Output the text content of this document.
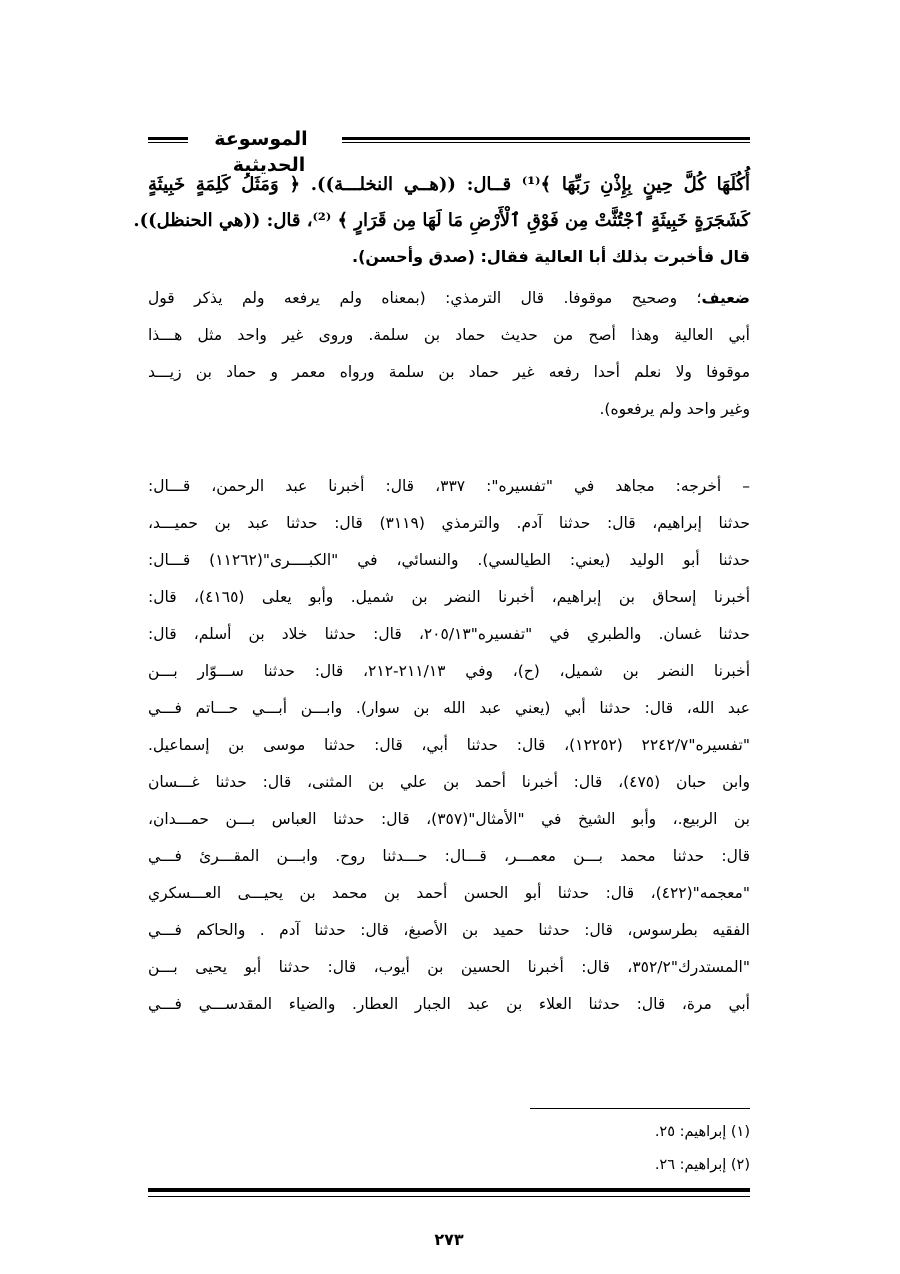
الموسوعة الحديثية
أُكُلَهَا كُلَّ حِينٍ بِإِذْنِ رَبِّهَا ﴾⁽¹⁾ قــال: ((هــي النخلـــة)). ﴿ وَمَثَلُ كَلِمَةٍ خَبِيثَةٍ
كَشَجَرَةٍ خَبِيثَةٍ ٱجْتُثَّتْ مِن فَوْقِ ٱلْأَرْضِ مَا لَهَا مِن قَرَارٍ ﴾ ⁽²⁾، قال: ((هي الحنظل)).
قال فأخبرت بذلك أبا العالية فقال: (صدق وأحسن).
ضعيف؛ وصحيح موقوفا. قال الترمذي: (بمعناه ولم يرفعه ولم يذكر قول
أبي العالية وهذا أصح من حديث حماد بن سلمة. وروى غير واحد مثل هـــذا
موقوفا ولا نعلم أحدا رفعه غير حماد بن سلمة ورواه معمر و حماد بن زيـــد
وغير واحد ولم يرفعوه).
– أخرجه: مجاهد في "تفسيره": ٣٣٧، قال: أخبرنا عبد الرحمن، قـــال:
حدثنا إبراهيم، قال: حدثنا آدم. والترمذي (٣١١٩) قال: حدثنا عبد بن حميـــد،
حدثنا أبو الوليد (يعني: الطيالسي). والنسائي، في "الكبــــرى"(١١٢٦٢) قـــال:
أخبرنا إسحاق بن إبراهيم، أخبرنا النضر بن شميل. وأبو يعلى (٤١٦٥)، قال:
حدثنا غسان. والطبري في "تفسيره"٢٠٥/١٣، قال: حدثنا خلاد بن أسلم، قال:
أخبرنا النضر بن شميل، (ح)، وفي ٢١١/١٣-٢١٢، قال: حدثنا ســـوّار بـــن
عبد الله، قال: حدثنا أبي (يعني عبد الله بن سوار). وابـــن أبـــي حـــاتم فـــي
"تفسيره"٢٢٤٢/٧ (١٢٢٥٢)، قال: حدثنا أبي، قال: حدثنا موسى بن إسماعيل.
وابن حبان (٤٧٥)، قال: أخبرنا أحمد بن علي بن المثنى، قال: حدثنا غـــسان
بن الربيع.، وأبو الشيخ في "الأمثال"(٣٥٧)، قال: حدثنا العباس بـــن حمـــدان،
قال: حدثنا محمد بـــن معمـــر، قـــال: حـــدثنا روح. وابـــن المقـــرئ فـــي
"معجمه"(٤٢٢)، قال: حدثنا أبو الحسن أحمد بن محمد بن يحيـــى العـــسكري
الفقيه بطرسوس، قال: حدثنا حميد بن الأصبغ، قال: حدثنا آدم . والحاكم فـــي
"المستدرك"٣٥٢/٢، قال: أخبرنا الحسين بن أيوب، قال: حدثنا أبو يحيى بـــن
أبي مرة، قال: حدثنا العلاء بن عبد الجبار العطار. والضياء المقدســـي فـــي
(١) إبراهيم: ٢٥.
(٢) إبراهيم: ٢٦.
٢٧٣
